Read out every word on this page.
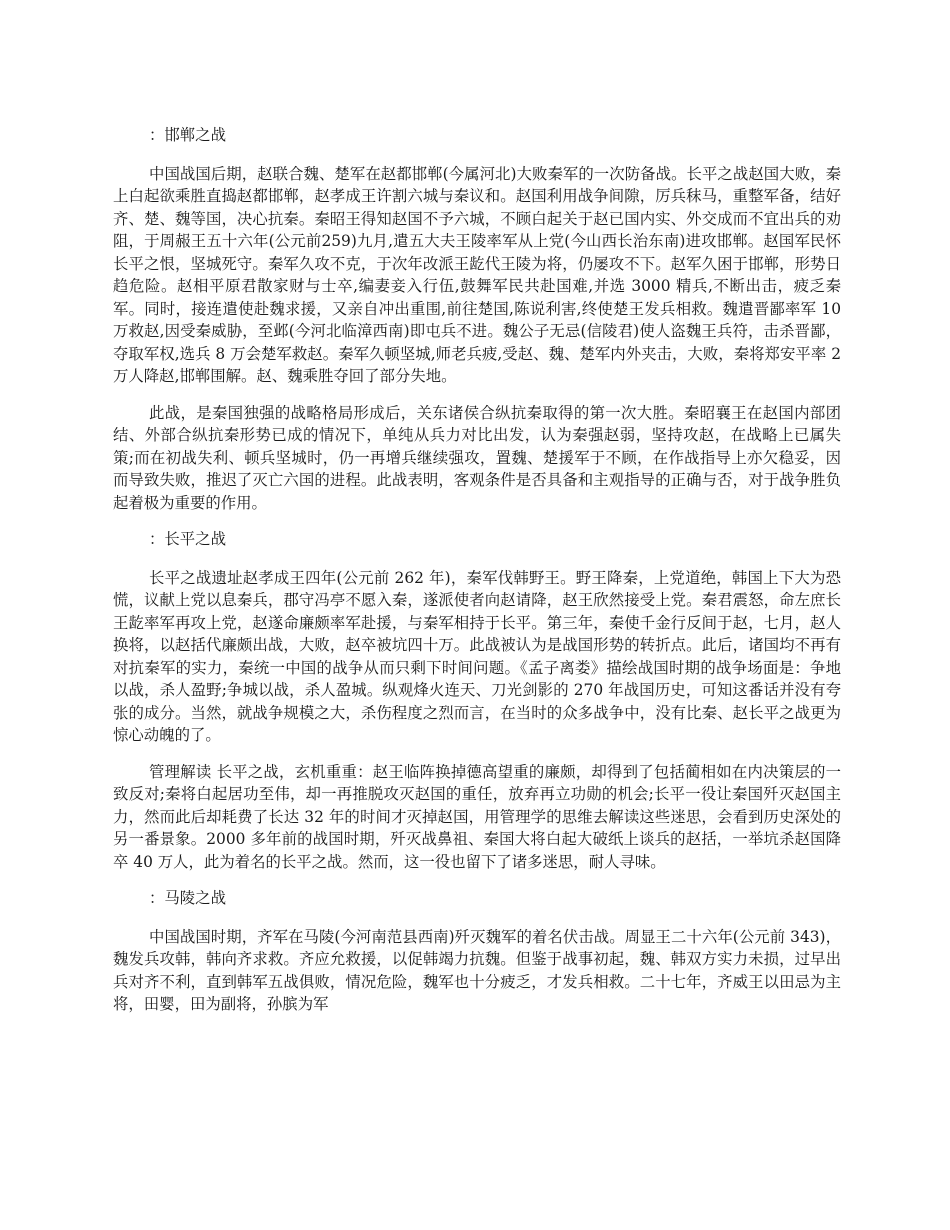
：邯郸之战

中国战国后期，赵联合魏、楚军在赵都邯郸(今属河北)大败秦军的一次防备战。长平之战赵国大败，秦上白起欲乘胜直捣赵都邯郸，赵孝成王许割六城与秦议和。赵国利用战争间隙，厉兵秣马，重整军备，结好齐、楚、魏等国，决心抗秦。秦昭王得知赵国不予六城，不顾白起关于赵已国内实、外交成而不宜出兵的劝阻，于周赧王五十六年(公元前259)九月,遣五大夫王陵率军从上党(今山西长治东南)进攻邯郸。赵国军民怀长平之恨，坚城死守。秦军久攻不克，于次年改派王龁代王陵为将，仍屡攻不下。赵军久困于邯郸，形势日趋危险。赵相平原君散家财与士卒,编妻妾入行伍,鼓舞军民共赴国难,并选 3000 精兵,不断出击，疲乏秦军。同时，接连遣使赴魏求援，又亲自冲出重围,前往楚国,陈说利害,终使楚王发兵相救。魏遣晋鄙率军 10 万救赵,因受秦威胁，至邺(今河北临漳西南)即屯兵不进。魏公子无忌(信陵君)使人盗魏王兵符，击杀晋鄙，夺取军权,选兵 8 万会楚军救赵。秦军久顿坚城,师老兵疲,受赵、魏、楚军内外夹击，大败，秦将郑安平率 2 万人降赵,邯郸围解。赵、魏乘胜夺回了部分失地。

此战，是秦国独强的战略格局形成后，关东诸侯合纵抗秦取得的第一次大胜。秦昭襄王在赵国内部团结、外部合纵抗秦形势已成的情况下，单纯从兵力对比出发，认为秦强赵弱，坚持攻赵，在战略上已属失策;而在初战失利、顿兵坚城时，仍一再增兵继续强攻，置魏、楚援军于不顾，在作战指导上亦欠稳妥，因而导致失败，推迟了灭亡六国的进程。此战表明，客观条件是否具备和主观指导的正确与否，对于战争胜负起着极为重要的作用。

：长平之战

长平之战遗址赵孝成王四年(公元前 262 年)，秦军伐韩野王。野王降秦，上党道绝，韩国上下大为恐慌，议献上党以息秦兵，郡守冯亭不愿入秦，遂派使者向赵请降，赵王欣然接受上党。秦君震怒，命左庶长王龁率军再攻上党，赵遂命廉颇率军赴援，与秦军相持于长平。第三年，秦使千金行反间于赵，七月，赵人换将，以赵括代廉颇出战，大败，赵卒被坑四十万。此战被认为是战国形势的转折点。此后，诸国均不再有对抗秦军的实力，秦统一中国的战争从而只剩下时间问题。《孟子离娄》描绘战国时期的战争场面是：争地以战，杀人盈野;争城以战，杀人盈城。纵观烽火连天、刀光剑影的 270 年战国历史，可知这番话并没有夸张的成分。当然，就战争规模之大，杀伤程度之烈而言，在当时的众多战争中，没有比秦、赵长平之战更为惊心动魄的了。

管理解读 长平之战，玄机重重：赵王临阵换掉德高望重的廉颇，却得到了包括蔺相如在内决策层的一致反对;秦将白起居功至伟，却一再推脱攻灭赵国的重任，放弃再立功勋的机会;长平一役让秦国歼灭赵国主力，然而此后却耗费了长达 32 年的时间才灭掉赵国，用管理学的思维去解读这些迷思，会看到历史深处的另一番景象。2000 多年前的战国时期，歼灭战鼻祖、秦国大将白起大破纸上谈兵的赵括，一举坑杀赵国降卒 40 万人，此为着名的长平之战。然而，这一役也留下了诸多迷思，耐人寻味。

：马陵之战

中国战国时期，齐军在马陵(今河南范县西南)歼灭魏军的着名伏击战。周显王二十六年(公元前 343)，魏发兵攻韩，韩向齐求救。齐应允救援，以促韩竭力抗魏。但鉴于战事初起，魏、韩双方实力未损，过早出兵对齐不利，直到韩军五战俱败，情况危险，魏军也十分疲乏，才发兵相救。二十七年，齐威王以田忌为主将，田婴，田为副将，孙膑为军
